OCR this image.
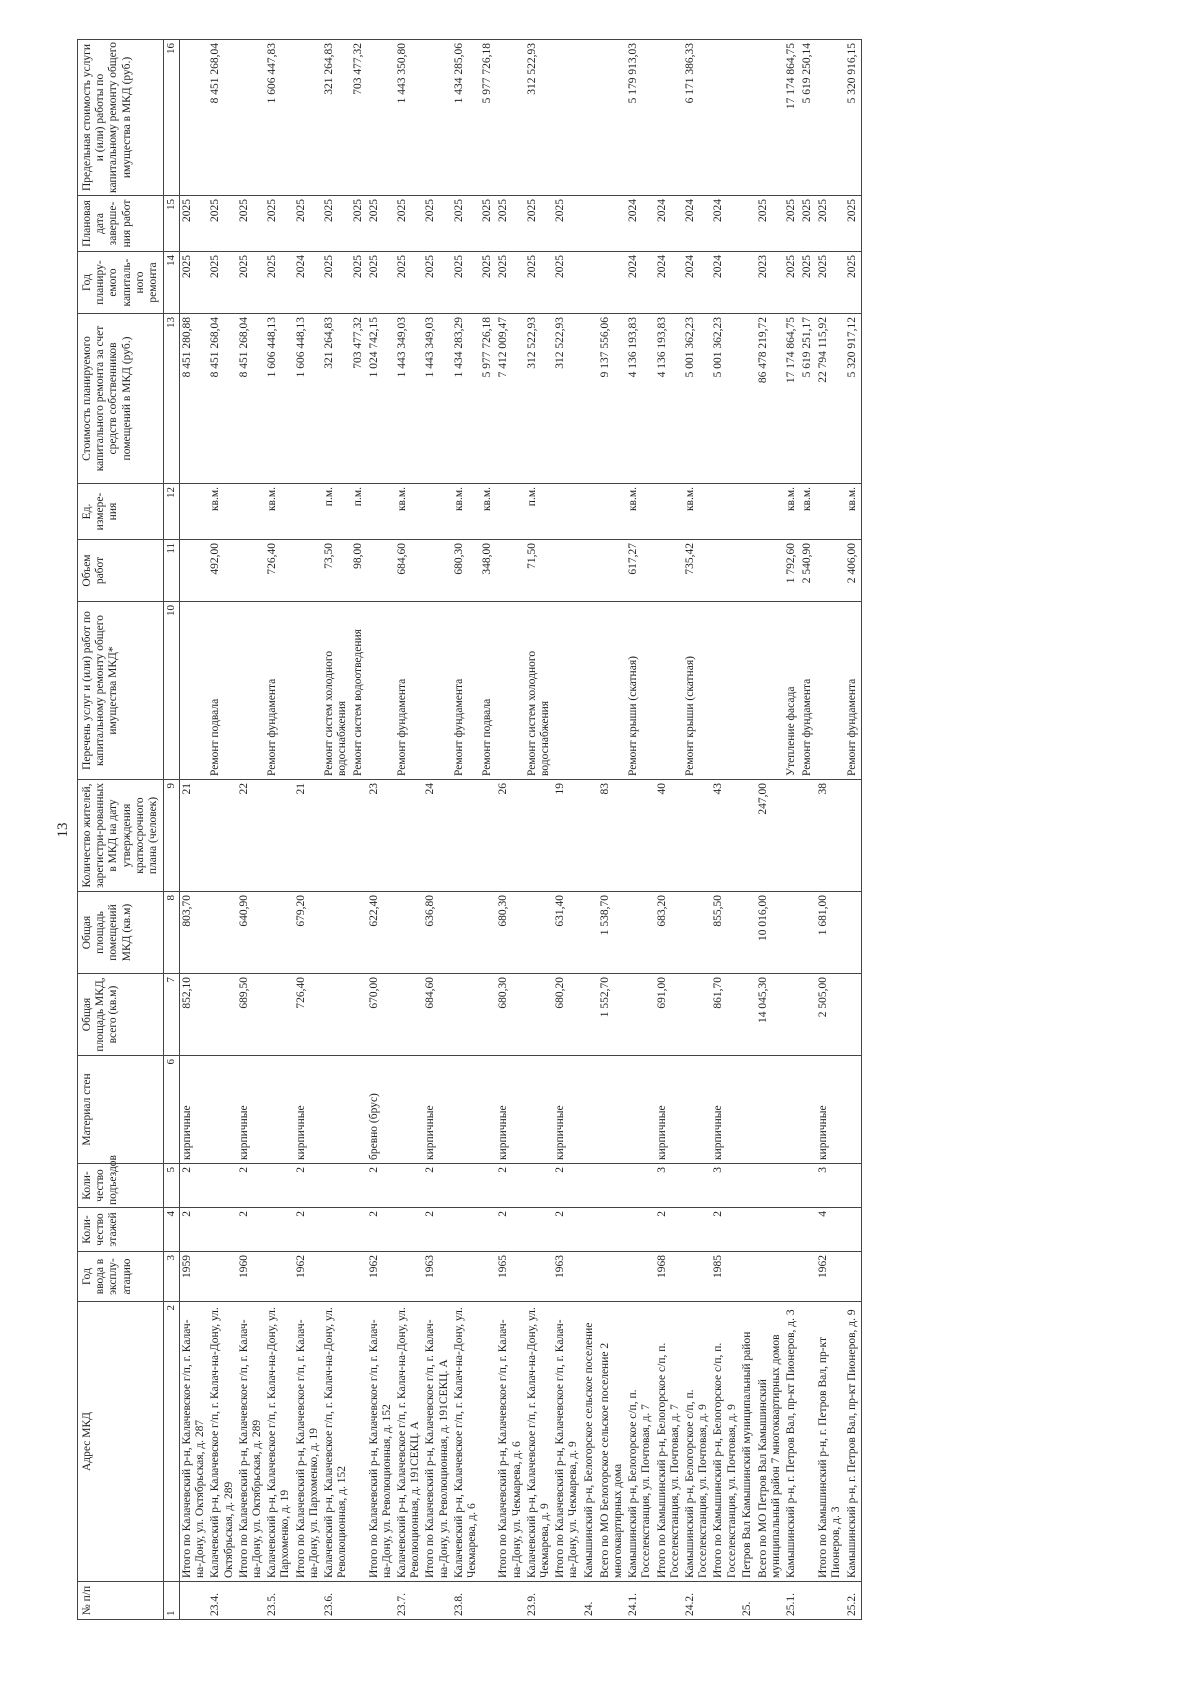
13
№ п/п	Адрес МКД	Год ввода в эксплу-атацию	Коли-чество этажей	Коли-чество подъездов	Материал стен	Общая площадь МКД, всего (кв.м)	Общая площадь помещений МКД (кв.м)	Количество жителей, зарегистри-рованных в МКД на дату утверждения краткосрочного плана (человек)	Перечень услуг и (или) работ по капитальному ремонту общего имущества МКД*	Объем работ	Ед. измере-ния	Стоимость планируемого капитального ремонта за счет средств собственников помещений в МКД (руб.)	Год планиру-емого капиталь-ного ремонта	Плановая дата заверше-ния работ	Предельная стоимость услуги и (или) работы по капитальному ремонту общего имущества в МКД (руб.)
1	2	3	4	5	6	7	8	9	10	11	12	13	14	15	16
	Итого по Калачевский р-н, Калачевское г/п, г. Калач-на-Дону, ул. Октябрьская, д. 287	1959	2	2	кирпичные	852,10	803,70	21				8 451 280,88	2025	2025	
23.4.	Калачевский р-н, Калачевское г/п, г. Калач-на-Дону, ул. Октябрьская, д. 289								Ремонт подвала	492,00	кв.м.	8 451 268,04	2025	2025	8 451 268,04
	Итого по Калачевский р-н, Калачевское г/п, г. Калач-на-Дону, ул. Октябрьская, д. 289	1960	2	2	кирпичные	689,50	640,90	22				8 451 268,04	2025	2025	
23.5.	Калачевский р-н, Калачевское г/п, г. Калач-на-Дону, ул. Пархоменко, д. 19								Ремонт фундамента	726,40	кв.м.	1 606 448,13	2025	2025	1 606 447,83
	Итого по Калачевский р-н, Калачевское г/п, г. Калач-на-Дону, ул. Пархоменко, д. 19	1962	2	2	кирпичные	726,40	679,20	21				1 606 448,13	2024	2025	
23.6.	Калачевский р-н, Калачевское г/п, г. Калач-на-Дону, ул. Революционная, д. 152								Ремонт систем холодного водоснабжения	73,50	п.м.	321 264,83	2025	2025	321 264,83
									Ремонт систем водоотведения	98,00	п.м.	703 477,32	2025	2025	703 477,32
	Итого по Калачевский р-н, Калачевское г/п, г. Калач-на-Дону, ул. Революционная, д. 152	1962	2	2	бревно (брус)	670,00	622,40	23				1 024 742,15	2025	2025	
23.7.	Калачевский р-н, Калачевское г/п, г. Калач-на-Дону, ул. Революционная, д. 191СЕКЦ. А								Ремонт фундамента	684,60	кв.м.	1 443 349,03	2025	2025	1 443 350,80
	Итого по Калачевский р-н, Калачевское г/п, г. Калач-на-Дону, ул. Революционная, д. 191СЕКЦ. А	1963	2	2	кирпичные	684,60	636,80	24				1 443 349,03	2025	2025	
23.8.	Калачевский р-н, Калачевское г/п, г. Калач-на-Дону, ул. Чекмарева, д. 6								Ремонт фундамента	680,30	кв.м.	1 434 283,29	2025	2025	1 434 285,06
									Ремонт подвала	348,00	кв.м.	5 977 726,18	2025	2025	5 977 726,18
	Итого по Калачевский р-н, Калачевское г/п, г. Калач-на-Дону, ул. Чекмарева, д. 6	1965	2	2	кирпичные	680,30	680,30	26				7 412 009,47	2025	2025	
23.9.	Калачевский р-н, Калачевское г/п, г. Калач-на-Дону, ул. Чекмарева, д. 9								Ремонт систем холодного водоснабжения	71,50	п.м.	312 522,93	2025	2025	312 522,93
	Итого по Калачевский р-н, Калачевское г/п, г. Калач-на-Дону, ул. Чекмарева, д. 9	1963	2	2	кирпичные	680,20	631,40	19				312 522,93	2025	2025	
24.	Камышинский р-н, Белогорское сельское поселение														
	Всего по МО Белогорское сельское поселение 2 многоквартирных дома					1 552,70	1 538,70	83				9 137 556,06			
24.1.	Камышинский р-н, Белогорское с/п, п. Госселекстанция, ул. Почтовая, д. 7								Ремонт крыши (скатная)	617,27	кв.м.	4 136 193,83	2024	2024	5 179 913,03
	Итого по Камышинский р-н, Белогорское с/п, п. Госселекстанция, ул. Почтовая, д. 7	1968	2	3	кирпичные	691,00	683,20	40				4 136 193,83	2024	2024	
24.2.	Камышинский р-н, Белогорское с/п, п. Госселекстанция, ул. Почтовая, д. 9								Ремонт крыши (скатная)	735,42	кв.м.	5 001 362,23	2024	2024	6 171 386,33
	Итого по Камышинский р-н, Белогорское с/п, п. Госселекстанция, ул. Почтовая, д. 9	1985	2	3	кирпичные	861,70	855,50	43				5 001 362,23	2024	2024	
25.	Петров Вал Камышинский муниципальный район														
	Всего по МО Петров Вал Камышинский муниципальный район 7 многоквартирных домов					14 045,30	10 016,00	247,00				86 478 219,72	2023	2025	
25.1.	Камышинский р-н, г. Петров Вал, пр-кт Пионеров, д. 3								Утепление фасада	1 792,60	кв.м.	17 174 864,75	2025	2025	17 174 864,75
									Ремонт фундамента	2 540,90	кв.м.	5 619 251,17	2025	2025	5 619 250,14
	Итого по Камышинский р-н, г. Петров Вал, пр-кт Пионеров, д. 3	1962	4	3	кирпичные	2 505,00	1 681,00	38				22 794 115,92	2025	2025	
25.2.	Камышинский р-н, г. Петров Вал, пр-кт Пионеров, д. 9								Ремонт фундамента	2 406,00	кв.м.	5 320 917,12	2025	2025	5 320 916,15
